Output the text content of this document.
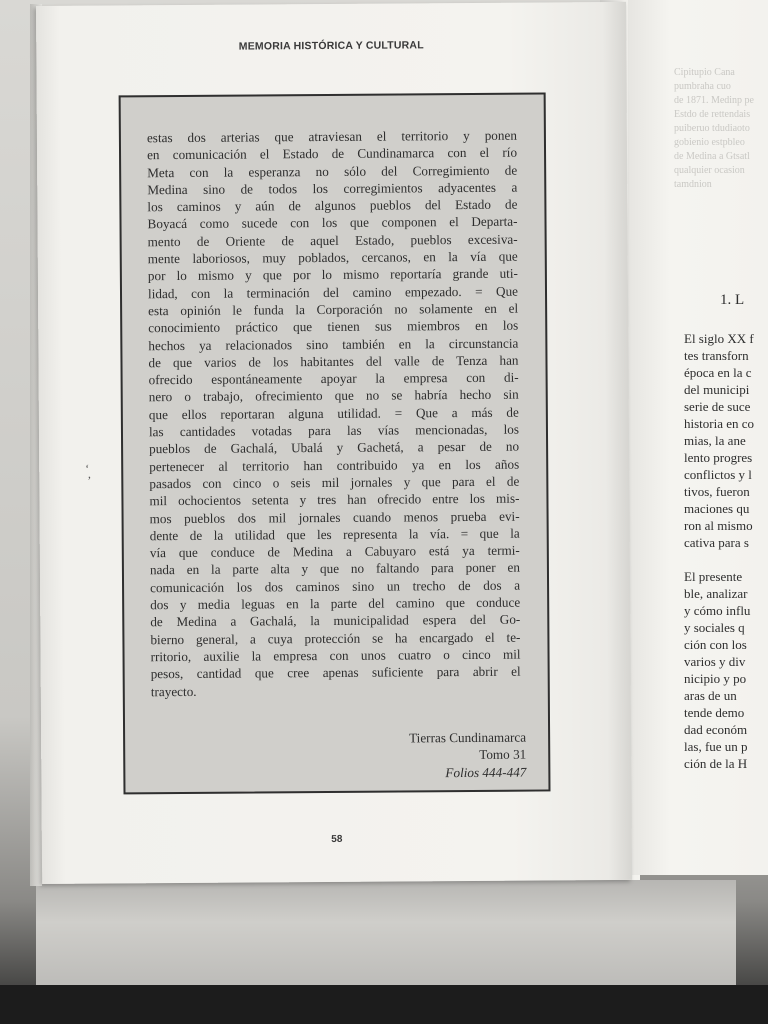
Cipitupio Cana
pumbraha cuo
de 1871. Medinp pe
Estdo de rettendais
puiberuo tdudiaoto
gobienio estpbleo
de Medina a Gtsatl
qualquier ocasion
tamdnion
1. L
El siglo XX f
tes transforn
época en la c
del municipi
serie de suce
historia en co
mias, la ane
lento progres
conflictos y l
tivos, fueron
maciones qu
ron al mismo
cativa para s
El presente
ble, analizar
y cómo influ
y sociales q
ción con los
varios y div
nicipio y po
aras de un
tende demo
dad económ
las, fue un p
ción de la H
MEMORIA HISTÓRICA Y CULTURAL
‘
’
estas dos arterias que atraviesan el territorio y ponen
en comunicación el Estado de Cundinamarca con el río
Meta con la esperanza no sólo del Corregimiento de
Medina sino de todos los corregimientos adyacentes a
los caminos y aún de algunos pueblos del Estado de
Boyacá como sucede con los que componen el Departa-
mento de Oriente de aquel Estado, pueblos excesiva-
mente laboriosos, muy poblados, cercanos, en la vía que
por lo mismo y que por lo mismo reportaría grande uti-
lidad, con la terminación del camino empezado. = Que
esta opinión le funda la Corporación no solamente en el
conocimiento práctico que tienen sus miembros en los
hechos ya relacionados sino también en la circunstancia
de que varios de los habitantes del valle de Tenza han
ofrecido espontáneamente apoyar la empresa con di-
nero o trabajo, ofrecimiento que no se habría hecho sin
que ellos reportaran alguna utilidad. = Que a más de
las cantidades votadas para las vías mencionadas, los
pueblos de Gachalá, Ubalá y Gachetá, a pesar de no
pertenecer al territorio han contribuido ya en los años
pasados con cinco o seis mil jornales y que para el de
mil ochocientos setenta y tres han ofrecido entre los mis-
mos pueblos dos mil jornales cuando menos prueba evi-
dente de la utilidad que les representa la vía. = que la
vía que conduce de Medina a Cabuyaro está ya termi-
nada en la parte alta y que no faltando para poner en
comunicación los dos caminos sino un trecho de dos a
dos y media leguas en la parte del camino que conduce
de Medina a Gachalá, la municipalidad espera del Go-
bierno general, a cuya protección se ha encargado el te-
rritorio, auxilie la empresa con unos cuatro o cinco mil
pesos, cantidad que cree apenas suficiente para abrir el
trayecto.
Tierras Cundinamarca
Tomo 31
Folios 444-447
58
